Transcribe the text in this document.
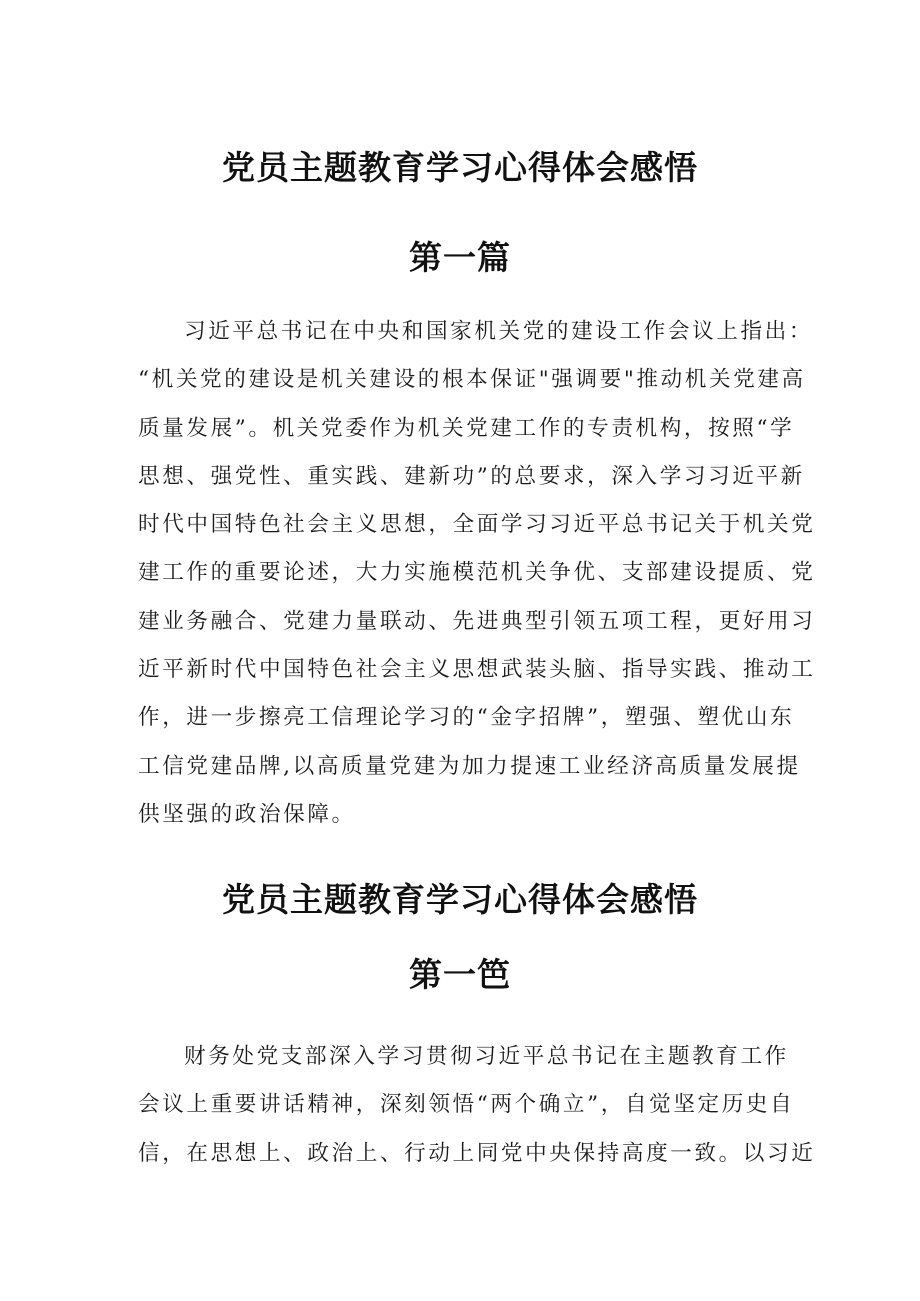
党员主题教育学习心得体会感悟
第一篇
习近平总书记在中央和国家机关党的建设工作会议上指出：
“机关党的建设是机关建设的根本保证"强调要"推动机关党建高
质量发展”。机关党委作为机关党建工作的专责机构，按照“学
思想、强党性、重实践、建新功”的总要求，深入学习习近平新
时代中国特色社会主义思想，全面学习习近平总书记关于机关党
建工作的重要论述，大力实施模范机关争优、支部建设提质、党
建业务融合、党建力量联动、先进典型引领五项工程，更好用习
近平新时代中国特色社会主义思想武装头脑、指导实践、推动工
作，进一步擦亮工信理论学习的“金字招牌”，塑强、塑优山东
工信党建品牌,以高质量党建为加力提速工业经济高质量发展提
供坚强的政治保障。
党员主题教育学习心得体会感悟
第一笆
财务处党支部深入学习贯彻习近平总书记在主题教育工作
会议上重要讲话精神，深刻领悟“两个确立”，自觉坚定历史自
信，在思想上、政治上、行动上同党中央保持高度一致。以习近
